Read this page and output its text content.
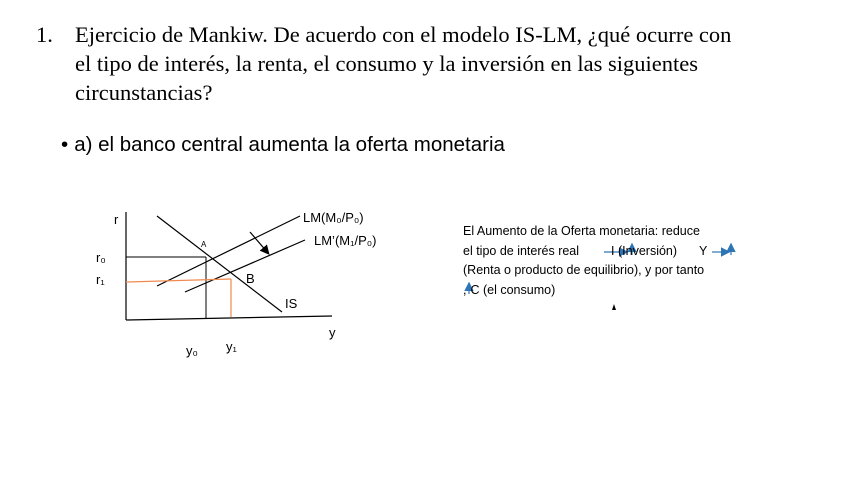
1. Ejercicio de Mankiw. De acuerdo con el modelo IS-LM, ¿qué ocurre con el tipo de interés, la renta, el consumo y la inversión en las siguientes circunstancias?
• a) el banco central aumenta la oferta monetaria
r
y
r₀
r₁
y₀ y₁
A
B
LM(M₀/P₀)
LM’(M₁/P₀)
IS
El Aumento de la Oferta monetaria: reduce
el tipo de interés real	I (Inversión) Y
(Renta o producto de equilibrio), y por tanto
, C (el consumo)
